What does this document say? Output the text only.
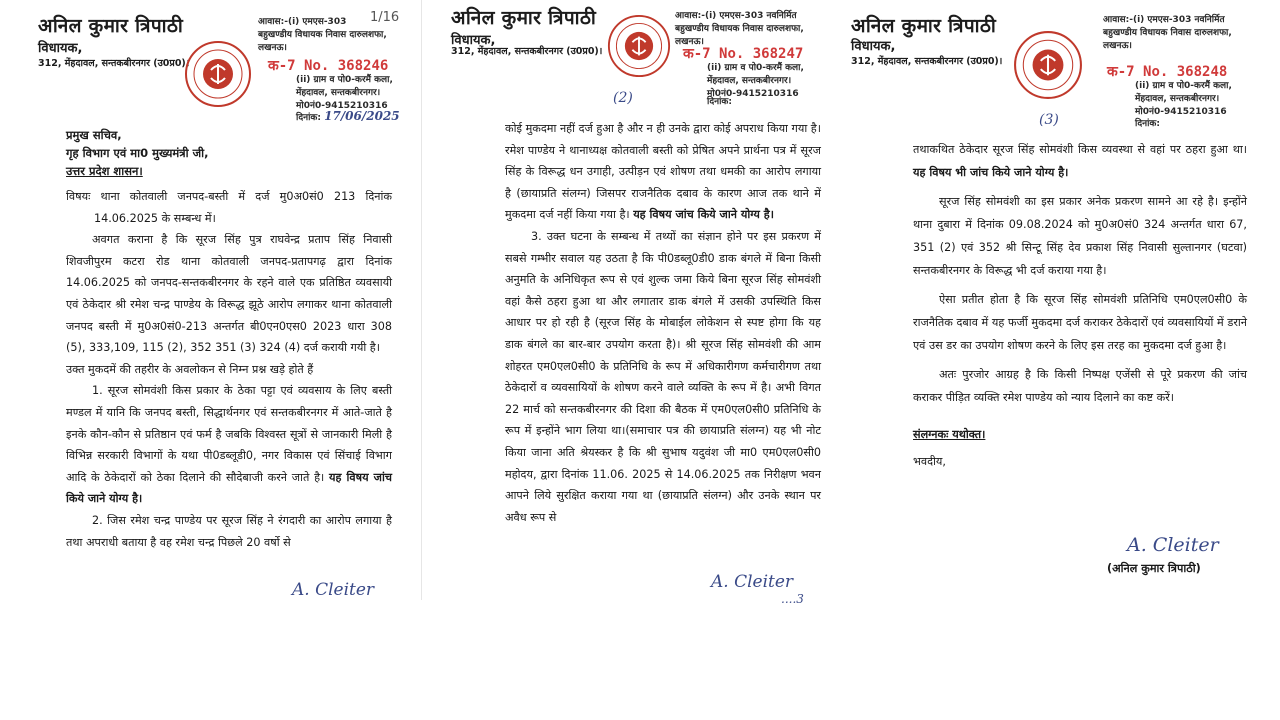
अनिल कुमार त्रिपाठी
विधायक,
312, मेंहदावल, सन्तकबीरनगर (उ0प्र0)।
आवास:-(i) एमएस-303
बहुखण्डीय विधायक निवास दारुलशफा,
लखनऊ।
1/16
क-7 No. 368246
(ii) ग्राम व पो0-करमैं कला,
मेंहदावल, सन्तकबीरनगर।
मो0नं0-9415210316
दिनांक: 17/06/2025
प्रमुख सचिव,
गृह विभाग एवं मा0 मुख्यमंत्री जी,
उत्तर प्रदेश शासन।

विषयः थाना कोतवाली जनपद-बस्ती में दर्ज मु0अ0सं0 213 दिनांक 14.06.2025 के सम्बन्ध में।

अवगत कराना है कि सूरज सिंह पुत्र राघवेन्द्र प्रताप सिंह निवासी शिवजीपुरम कटरा रोड थाना कोतवाली जनपद-प्रतापगढ़ द्वारा दिनांक 14.06.2025 को जनपद-सन्तकबीरनगर के रहने वाले एक प्रतिष्ठित व्यवसायी एवं ठेकेदार श्री रमेश चन्द्र पाण्डेय के विरूद्ध झूठे आरोप लगाकर थाना कोतवाली जनपद बस्ती में मु0अ0सं0-213 अन्तर्गत बी0एन0एस0 2023 धारा 308 (5), 333,109, 115 (2), 352 351 (3) 324 (4) दर्ज करायी गयी है।

उक्त मुकदमें की तहरीर के अवलोकन से निम्न प्रश्न खड़े होते हैं

1. सूरज सोमवंशी किस प्रकार के ठेका पट्टा एवं व्यवसाय के लिए बस्ती मण्डल में यानि कि जनपद बस्ती, सिद्धार्थनगर एवं सन्तकबीरनगर में आते-जाते है इनके कौन-कौन से प्रतिष्ठान एवं फर्म है जबकि विश्वस्त सूत्रों से जानकारी मिली है विभिन्न सरकारी विभागों के यथा पी0डब्लूडी0, नगर विकास एवं सिंचाई विभाग आदि के ठेकेदारों को ठेका दिलाने की सौदेबाजी करने जाते है। यह विषय जांच किये जाने योग्य है।

2. जिस रमेश चन्द्र पाण्डेय पर सूरज सिंह ने रंगदारी का आरोप लगाया है तथा अपराधी बताया है वह रमेश चन्द्र पिछले 20 वर्षो से

A. Cleiter
अनिल कुमार त्रिपाठी
विधायक,
312, मेंहदावल, सन्तकबीरनगर (उ0प्र0)।
आवास:-(i) एमएस-303 नवनिर्मित
बहुखण्डीय विधायक निवास दारुलशफा,
लखनऊ।
क-7 No. 368247
(ii) ग्राम व पो0-करमैं कला,
मेंहदावल, सन्तकबीरनगर।
मो0नं0-9415210316
दिनांक:
(2)

कोई मुकदमा नहीं दर्ज हुआ है और न ही उनके द्वारा कोई अपराध किया गया है। रमेश पाण्डेय ने थानाध्यक्ष कोतवाली बस्ती को प्रेषित अपने प्रार्थना पत्र में सूरज सिंह के विरूद्ध धन उगाही, उत्पीड़न एवं शोषण तथा धमकी का आरोप लगाया है (छायाप्रति संलग्न) जिसपर राजनैतिक दबाव के कारण आज तक थाने में मुकदमा दर्ज नहीं किया गया है। यह विषय जांच किये जाने योग्य है।

3. उक्त घटना के सम्बन्ध में तथ्यों का संज्ञान होने पर इस प्रकरण में सबसे गम्भीर सवाल यह उठता है कि पी0डब्लू0डी0 डाक बंगले में बिना किसी अनुमति के अनिधिकृत रूप से एवं शुल्क जमा किये बिना सूरज सिंह सोमवंशी वहां कैसे ठहरा हुआ था और लगातार डाक बंगले में उसकी उपस्थिति किस आधार पर हो रही है (सूरज सिंह के मोबाईल लोकेशन से स्पष्ट होगा कि यह डाक बंगले का बार-बार उपयोग करता है)। श्री सूरज सिंह सोमवंशी की आम शोहरत एम0एल0सी0 के प्रतिनिधि के रूप में अधिकारीगण कर्मचारीगण तथा ठेकेदारों व व्यवसायियों के शोषण करने वाले व्यक्ति के रूप में है। अभी विगत 22 मार्च को सन्तकबीरनगर की दिशा की बैठक में एम0एल0सी0 प्रतिनिधि के रूप में इन्होंने भाग लिया था।(समाचार पत्र की छायाप्रति संलग्न) यह भी नोट किया जाना अति श्रेयस्कर है कि श्री सुभाष यदुवंश जी मा0 एम0एल0सी0 महोदय, द्वारा दिनांक 11.06. 2025 से 14.06.2025 तक निरीक्षण भवन आपने लिये सुरक्षित कराया गया था (छायाप्रति संलग्न) और उनके स्थान पर अवैध रूप से

A. Cleiter
....3
अनिल कुमार त्रिपाठी
विधायक,
312, मेंहदावल, सन्तकबीरनगर (उ0प्र0)।
आवास:-(i) एमएस-303 नवनिर्मित
बहुखण्डीय विधायक निवास दारुलशफा,
लखनऊ।
क-7 No. 368248
(ii) ग्राम व पो0-करमैं कला,
मेंहदावल, सन्तकबीरनगर।
मो0नं0-9415210316
दिनांक:
(3)

तथाकथित ठेकेदार सूरज सिंह सोमवंशी किस व्यवस्था से वहां पर ठहरा हुआ था। यह विषय भी जांच किये जाने योग्य है।

सूरज सिंह सोमवंशी का इस प्रकार अनेक प्रकरण सामने आ रहे है। इन्होंने थाना दुबारा में दिनांक 09.08.2024 को मु0अ0सं0 324 अन्तर्गत धारा 67, 351 (2) एवं 352 श्री सिन्टू सिंह देव प्रकाश सिंह निवासी सुल्तानगर (घटवा) सन्तकबीरनगर के विरूद्ध भी दर्ज कराया गया है।

ऐसा प्रतीत होता है कि सूरज सिंह सोमवंशी प्रतिनिधि एम0एल0सी0 के राजनैतिक दबाव में यह फर्जी मुकदमा दर्ज कराकर ठेकेदारों एवं व्यवसायियों में डराने एवं उस डर का उपयोग शोषण करने के लिए इस तरह का मुकदमा दर्ज हुआ है।

अतः पुरजोर आग्रह है कि किसी निष्पक्ष एजेंसी से पूरे प्रकरण की जांच कराकर पीड़ित व्यक्ति रमेश पाण्डेय को न्याय दिलाने का कष्ट करें।

संलग्नकः यथोक्त।

भवदीय,

A. Cleiter
(अनिल कुमार त्रिपाठी)
